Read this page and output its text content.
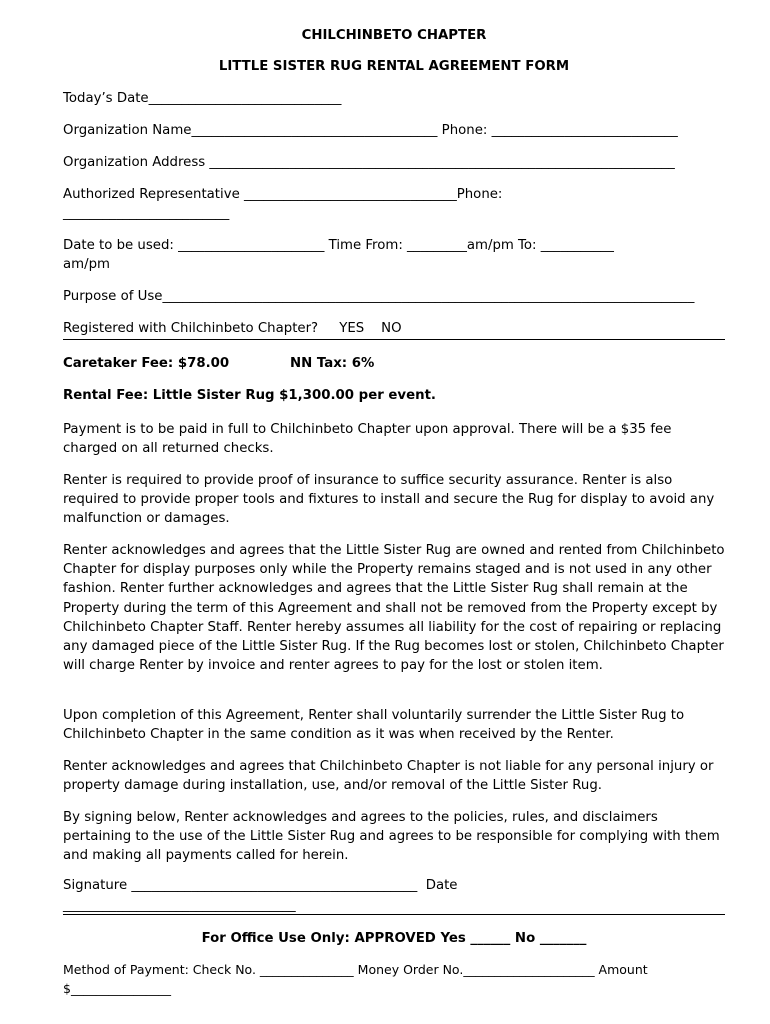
CHILCHINBETO CHAPTER
LITTLE SISTER RUG RENTAL AGREEMENT FORM
Today’s Date_____________________________
Organization Name_____________________________________ Phone: ____________________________
Organization Address ______________________________________________________________________
Authorized Representative ________________________________Phone:
_________________________
Date to be used: ______________________ Time From: _________am/pm To: ___________
am/pm
Purpose of Use________________________________________________________________________________
Registered with Chilchinbeto Chapter?     YES    NO
Caretaker Fee: $78.00	NN Tax: 6%
Rental Fee: Little Sister Rug $1,300.00 per event.
Payment is to be paid in full to Chilchinbeto Chapter upon approval. There will be a $35 fee charged on all returned checks.
Renter is required to provide proof of insurance to suffice security assurance. Renter is also required to provide proper tools and fixtures to install and secure the Rug for display to avoid any malfunction or damages.
Renter acknowledges and agrees that the Little Sister Rug are owned and rented from Chilchinbeto Chapter for display purposes only while the Property remains staged and is not used in any other fashion. Renter further acknowledges and agrees that the Little Sister Rug shall remain at the Property during the term of this Agreement and shall not be removed from the Property except by Chilchinbeto Chapter Staff. Renter hereby assumes all liability for the cost of repairing or replacing any damaged piece of the Little Sister Rug. If the Rug becomes lost or stolen, Chilchinbeto Chapter will charge Renter by invoice and renter agrees to pay for the lost or stolen item.
Upon completion of this Agreement, Renter shall voluntarily surrender the Little Sister Rug to Chilchinbeto Chapter in the same condition as it was when received by the Renter.
Renter acknowledges and agrees that Chilchinbeto Chapter is not liable for any personal injury or property damage during installation, use, and/or removal of the Little Sister Rug.
By signing below, Renter acknowledges and agrees to the policies, rules, and disclaimers pertaining to the use of the Little Sister Rug and agrees to be responsible for complying with them and making all payments called for herein.
Signature ___________________________________________  Date
___________________________________
For Office Use Only: APPROVED Yes ______ No _______
Method of Payment: Check No. _______________ Money Order No._____________________ Amount
$________________
